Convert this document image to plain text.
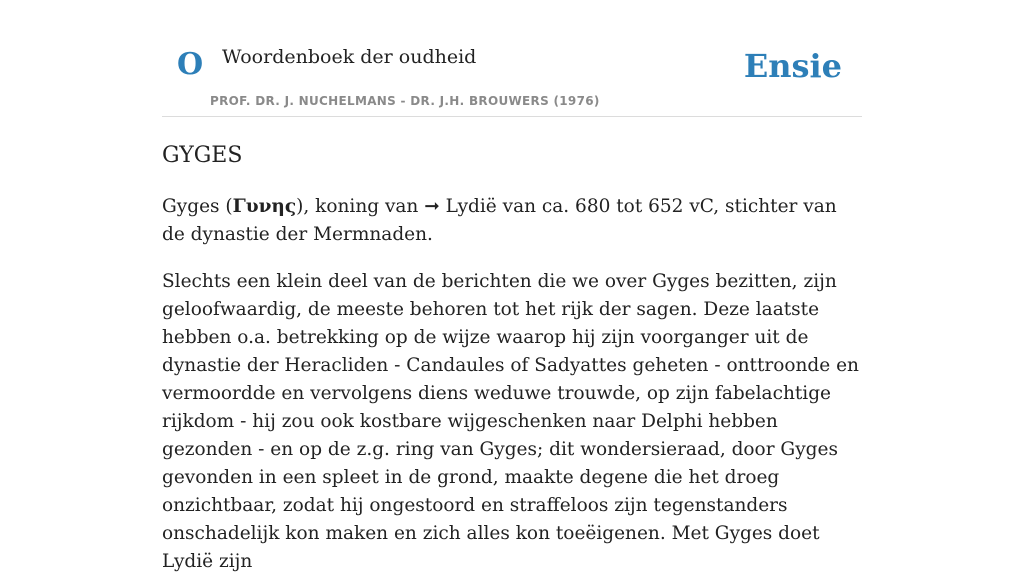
O Woordenboek der oudheid
PROF. DR. J. NUCHELMANS - DR. J.H. BROUWERS (1976)
Ensie
GYGES

Gyges (Γυνης), koning van ➞ Lydië van ca. 680 tot 652 vC, stichter van de dynastie der Mermnaden.

Slechts een klein deel van de berichten die we over Gyges bezitten, zijn geloofwaardig, de meeste behoren tot het rijk der sagen. Deze laatste hebben o.a. betrekking op de wijze waarop hij zijn voorganger uit de dynastie der Heracliden - Candaules of Sadyattes geheten - onttroonde en vermoordde en vervolgens diens weduwe trouwde, op zijn fabelachtige rijkdom - hij zou ook kostbare wijgeschenken naar Delphi hebben gezonden - en op de z.g. ring van Gyges; dit wondersieraad, door Gyges gevonden in een spleet in de grond, maakte degene die het droeg onzichtbaar, zodat hij ongestoord en straffeloos zijn tegenstanders onschadelijk kon maken en zich alles kon toeëigenen. Met Gyges doet Lydië zijn
